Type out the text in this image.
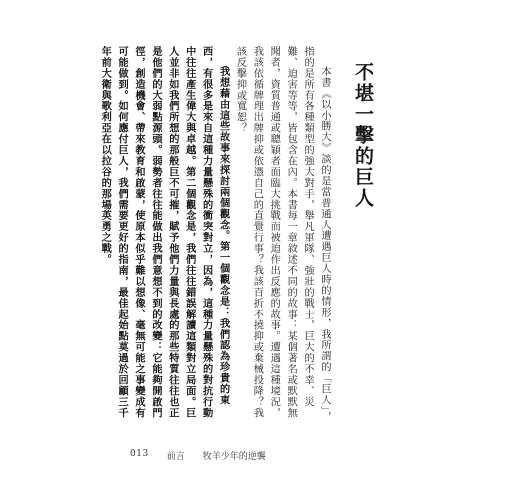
不堪一擊的巨人

本書《以小勝大》談的是當普通人遭遇巨人時的情形，我所謂的「巨人」，指的是所有各種類型的強大對手，舉凡軍隊、強壯的戰士，巨大的不幸、災難、迫害等等，皆包含在內。本書每一章敘述不同的故事：某個著名或默默無聞者，資質普通或聰穎者面臨大挑戰而被迫作出反應的故事。遭遇這種境況，我該依循牌理出牌抑或依憑自己的直覺行事？我該百折不撓抑或棄械投降？我該反擊抑或寬恕？

我想藉由這些故事來探討兩個觀念。第一個觀念是：我們認為珍貴的東西，有很多是來自這種力量懸殊的衝突對立，因為，這種力量懸殊的對抗行動中往往產生偉大與卓越。第二個觀念是，我們往往錯誤解讀這類對立局面。巨人並非如我們所想的那般巨不可摧，賦予他們力量與長處的那些特質往往也正是他們的大弱點源頭。弱勢者往往能做出我們意想不到的改變：它能夠開啟門徑，創造機會、帶來教育和啟蒙，使原本似乎難以想像、毫無可能之事變成有可能做到。如何應付巨人，我們需要更好的指南，最佳起始點莫過於回顧三千年前大衛與歌利亞在以拉谷的那場英勇之戰。

013 前言 牧羊少年的逆襲
